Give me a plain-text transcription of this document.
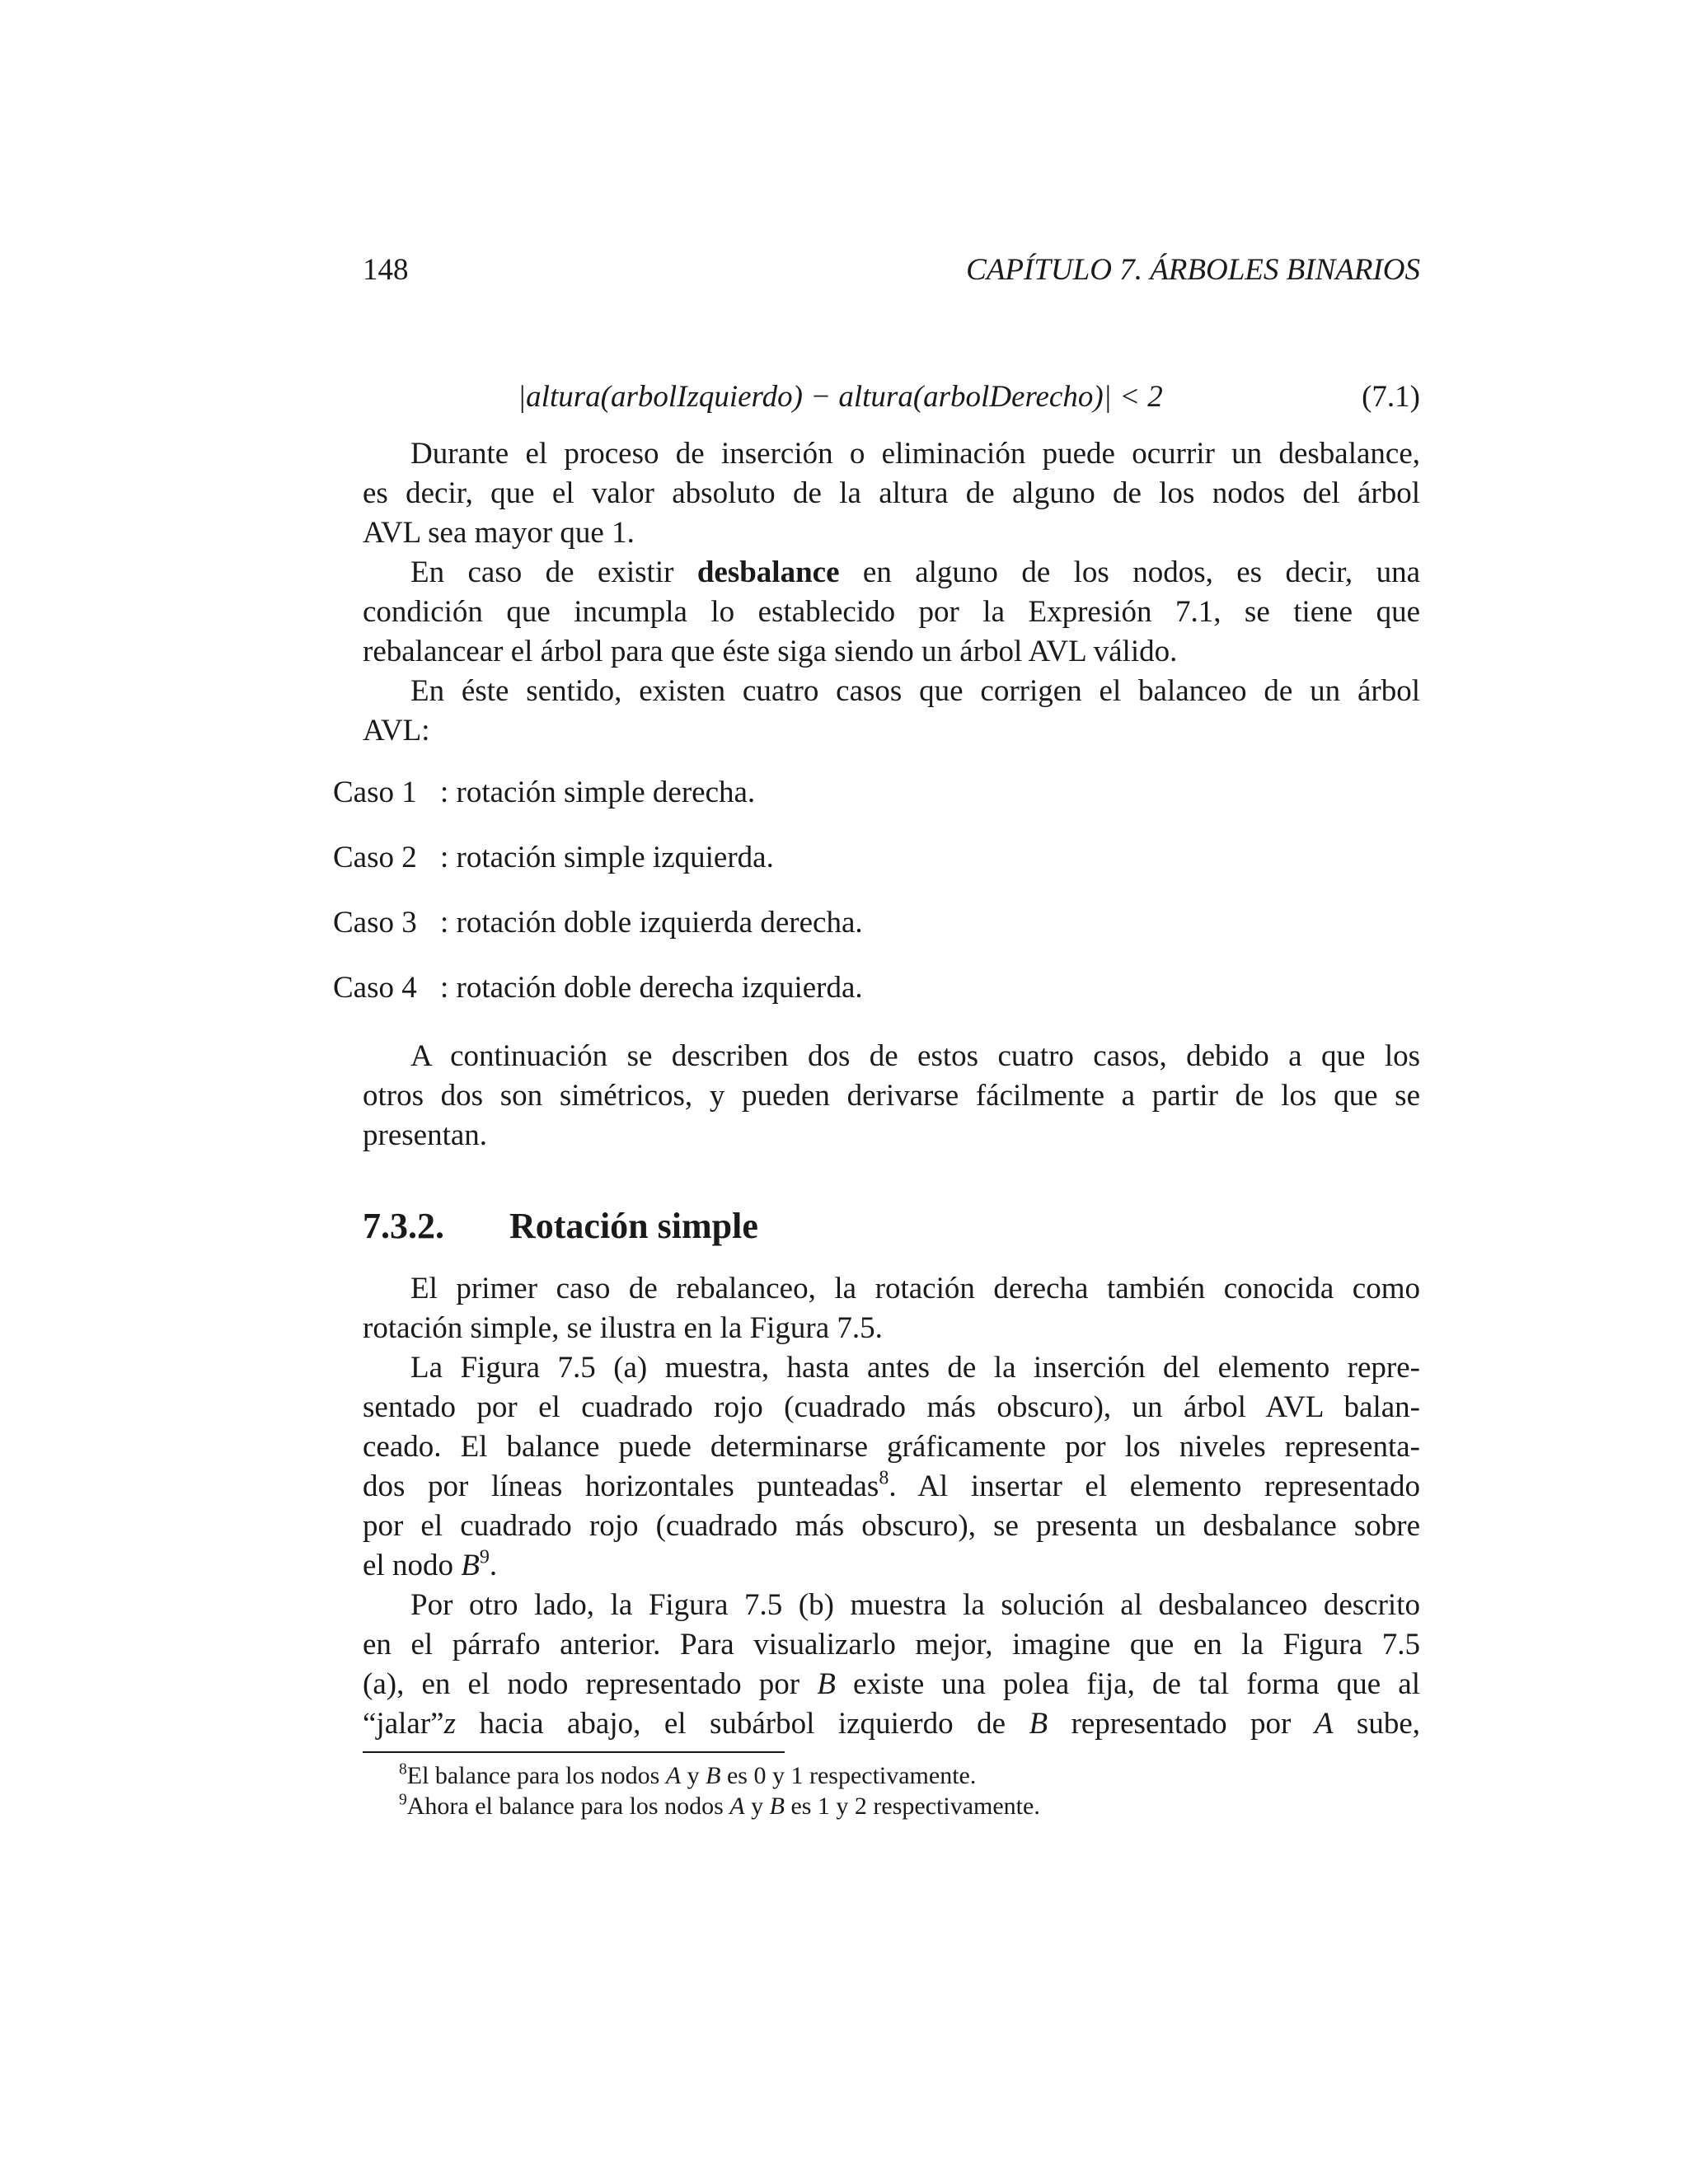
148	CAPÍTULO 7. ÁRBOLES BINARIOS
|altura(arbolIzquierdo) − altura(arbolDerecho)| < 2	(7.1)
Durante el proceso de inserción o eliminación puede ocurrir un desbalance,
es decir, que el valor absoluto de la altura de alguno de los nodos del árbol
AVL sea mayor que 1.
En caso de existir desbalance en alguno de los nodos, es decir, una
condición que incumpla lo establecido por la Expresión 7.1, se tiene que
rebalancear el árbol para que éste siga siendo un árbol AVL válido.
En éste sentido, existen cuatro casos que corrigen el balanceo de un árbol
AVL:
Caso 1 : rotación simple derecha.
Caso 2 : rotación simple izquierda.
Caso 3 : rotación doble izquierda derecha.
Caso 4 : rotación doble derecha izquierda.
A continuación se describen dos de estos cuatro casos, debido a que los
otros dos son simétricos, y pueden derivarse fácilmente a partir de los que se
presentan.
7.3.2. Rotación simple
El primer caso de rebalanceo, la rotación derecha también conocida como
rotación simple, se ilustra en la Figura 7.5.
La Figura 7.5 (a) muestra, hasta antes de la inserción del elemento repre-
sentado por el cuadrado rojo (cuadrado más obscuro), un árbol AVL balan-
ceado. El balance puede determinarse gráficamente por los niveles representa-
dos por líneas horizontales punteadas$^8$. Al insertar el elemento representado
por el cuadrado rojo (cuadrado más obscuro), se presenta un desbalance sobre
el nodo $B^9$.
Por otro lado, la Figura 7.5 (b) muestra la solución al desbalanceo descrito
en el párrafo anterior. Para visualizarlo mejor, imagine que en la Figura 7.5
(a), en el nodo representado por B existe una polea fija, de tal forma que al
“jalar”z hacia abajo, el subárbol izquierdo de B representado por A sube,
$^8$El balance para los nodos A y B es 0 y 1 respectivamente.
$^9$Ahora el balance para los nodos A y B es 1 y 2 respectivamente.
